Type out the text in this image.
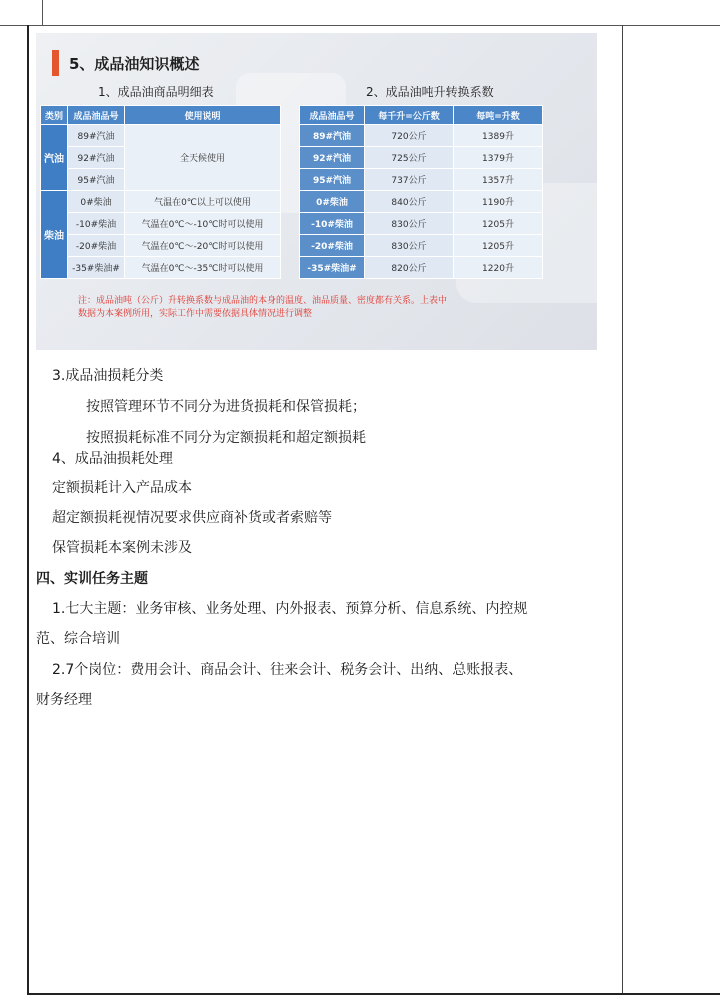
5、成品油知识概述
1、成品油商品明细表	2、成品油吨升转换系数
类别	成品油品号	使用说明
汽油	89#汽油	全天候使用
	92#汽油	
	95#汽油	
柴油	0#柴油	气温在0℃以上可以使用
	-10#柴油	气温在0℃～-10℃时可以使用
	-20#柴油	气温在0℃～-20℃时可以使用
	-35#柴油#	气温在0℃～-35℃时可以使用
成品油品号	每千升=公斤数	每吨=升数
89#汽油	720公斤	1389升
92#汽油	725公斤	1379升
95#汽油	737公斤	1357升
0#柴油	840公斤	1190升
-10#柴油	830公斤	1205升
-20#柴油	830公斤	1205升
-35#柴油#	820公斤	1220升
注：成品油吨（公斤）升转换系数与成品油的本身的温度、油品质量、密度都有关系。上表中
数据为本案例所用，实际工作中需要依据具体情况进行调整
3.成品油损耗分类
按照管理环节不同分为进货损耗和保管损耗；
按照损耗标准不同分为定额损耗和超定额损耗
4、成品油损耗处理
定额损耗计入产品成本
超定额损耗视情况要求供应商补货或者索赔等
保管损耗本案例未涉及
四、实训任务主题
1.七大主题：业务审核、业务处理、内外报表、预算分析、信息系统、内控规
范、综合培训
2.7个岗位：费用会计、商品会计、往来会计、税务会计、出纳、总账报表、
财务经理
